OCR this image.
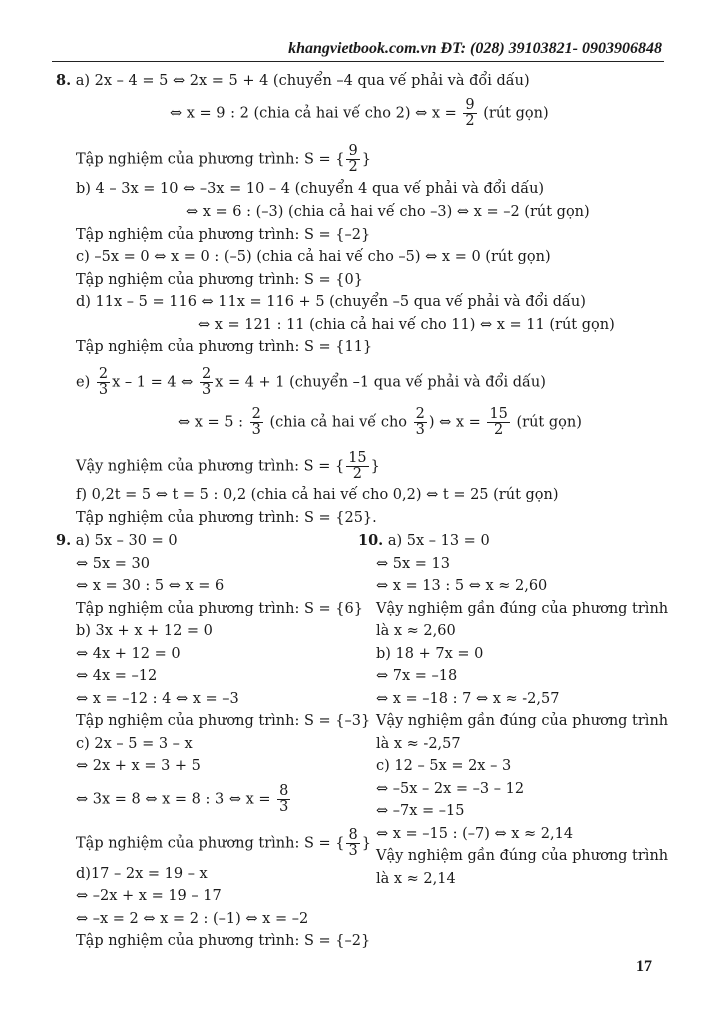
khangvietbook.com.vn ĐT: (028) 39103821- 0903906848
8. a) 2x – 4 = 5 ⇔ 2x = 5 + 4 (chuyển –4 qua vế phải và đổi dấu)
⇔ x = 9 : 2 (chia cả hai vế cho 2) ⇔ $x = \frac{9}{2}$ (rút gọn)
Tập nghiệm của phương trình: S = { $\frac{9}{2}$ }
b) 4 – 3x = 10 ⇔ –3x = 10 – 4 (chuyển 4 qua vế phải và đổi dấu)
⇔ x = 6 : (–3) (chia cả hai vế cho –3) ⇔ x = –2 (rút gọn)
Tập nghiệm của phương trình: S = {–2}
c) –5x = 0 ⇔ x = 0 : (–5) (chia cả hai vế cho –5) ⇔ x = 0 (rút gọn)
Tập nghiệm của phương trình: S = {0}
d) 11x – 5 = 116 ⇔ 11x = 116 + 5 (chuyển –5 qua vế phải và đổi dấu)
⇔ x = 121 : 11 (chia cả hai vế cho 11) ⇔ x = 11 (rút gọn)
Tập nghiệm của phương trình: S = {11}
$e) \frac{2}{3}$ x – 1 = 4 ⇔ $\frac{2}{3}$ x = 4 + 1 (chuyển –1 qua vế phải và đổi dấu)
⇔ x = 5 : $\frac{2}{3}$ (chia cả hai vế cho $\frac{2}{3}$ ) ⇔ $x = \frac{15}{2}$ (rút gọn)
Vậy nghiệm của phương trình: S = { $\frac{15}{2}$ }
f) 0,2t = 5 ⇔ t = 5 : 0,2 (chia cả hai vế cho 0,2) ⇔ t = 25 (rút gọn)
Tập nghiệm của phương trình: S = {25}.
9. a) 5x – 30 = 0
⇔ 5x = 30
⇔ x = 30 : 5 ⇔ x = 6
Tập nghiệm của phương trình: S = {6}
b) 3x + x + 12 = 0
⇔ 4x + 12 = 0
⇔ 4x = –12
⇔ x = –12 : 4 ⇔ x = –3
Tập nghiệm của phương trình: S = {–3}
c) 2x – 5 = 3 – x
⇔ 2x + x = 3 + 5
⇔ 3x = 8 ⇔ x = 8 : 3 ⇔ $x = \frac{8}{3}$
Tập nghiệm của phương trình: S = { $\frac{8}{3}$ }
d)17 – 2x = 19 – x
⇔ –2x + x = 19 – 17
⇔ –x = 2 ⇔ x = 2 : (–1) ⇔ x = –2
Tập nghiệm của phương trình: S = {–2}
10. a) 5x – 13 = 0
⇔ 5x = 13
⇔ x = 13 : 5 ⇔ x ≈ 2,60
Vậy nghiệm gần đúng của phương trình
là x ≈ 2,60
b) 18 + 7x = 0
⇔ 7x = –18
⇔ x = –18 : 7 ⇔ x ≈ -2,57
Vậy nghiệm gần đúng của phương trình
là x ≈ -2,57
c) 12 – 5x = 2x – 3
⇔ –5x – 2x = –3 – 12
⇔ –7x = –15
⇔ x = –15 : (–7) ⇔ x ≈ 2,14
Vậy nghiệm gần đúng của phương trình
là x ≈ 2,14
17
